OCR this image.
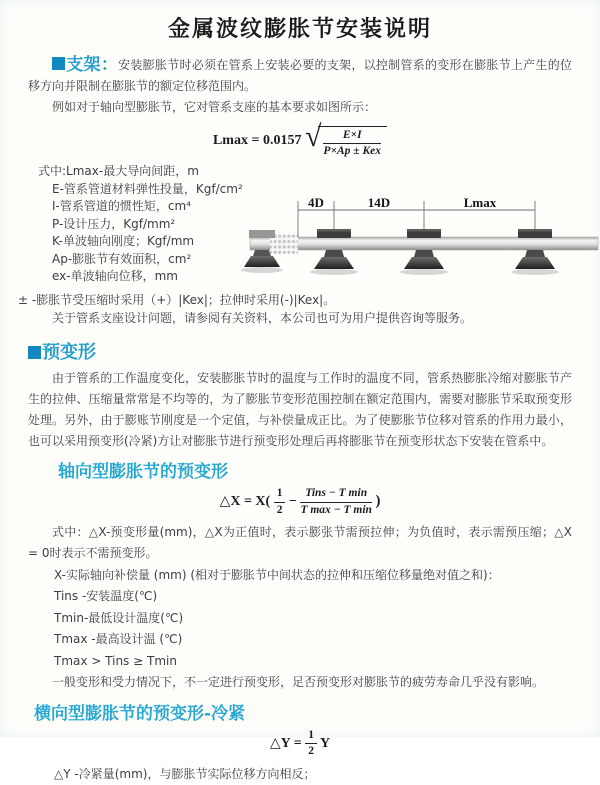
金属波纹膨胀节安装说明

支架：安装膨胀节时必须在管系上安装必要的支架，以控制管系的变形在膨胀节上产生的位移方向并限制在膨胀节的额定位移范围内。

例如对于轴向型膨胀节，它对管系支座的基本要求如图所示：

Lmax = 0.0157 √ $\frac{E\times I}{\text{P×Ap ± Kex}}$
式中:Lmax-最大导向间距，m
E-管系管道材料弹性投量，Kgf/cm²
I-管系管道的惯性矩，cm⁴
P-设计压力，Kgf/mm²
K-单波轴向刚度；Kgf/mm
Ap-膨胀节有效面积，cm²
ex-单波轴向位移，mm
± -膨胀节受压缩时采用（+）|Kex|；拉伸时采用(-)|Kex|。
关于管系支座设计问题，请参阅有关资料，本公司也可为用户提供咨询等服务。
4D	14D	Lmax
预变形

由于管系的工作温度变化，安装膨胀节时的温度与工作时的温度不同，管系热膨胀冷缩对膨胀节产生的拉伸、压缩量常常是不均等的，为了膨胀节变形范围控制在额定范围内，需要对膨胀节采取预变形处理。另外，由于膨账节刚度是一个定值，与补偿量成正比。为了使膨胀节位移对管系的作用力最小，也可以采用预变形(冷紧)方让对膨胀节进行预变形处理后再将膨胀节在预变形状态下安装在管系中。

轴向型膨胀节的预变形
△X = $X( \frac{1}{2} - \frac{\text{Tins − T min}}{\text{T max − T min}}$ )

式中：△X-预变形量(mm)，△X为正值时，表示膨张节需预拉伸；为负值时，表示需预压缩；△X = 0时表示不需预变形。

X-实际轴向补偿量 (mm) (相对于膨胀节中间状态的拉伸和压缩位移量绝对值之和)：
Tins -安装温度(℃)
Tmin-最低设计温度(℃)
Tmax -最高设计温 (℃)
Tmax > Tins ≥ Tmin

一般变形和受力情况下，不一定进行预变形，足否预变形对膨胀节的疲劳寿命几乎没有影响。

横向型膨胀节的预变形-冷紧
△Y = $\frac{1}{2}$ Y
△Y -冷紧量(mm)，与膨胀节实际位移方向相反；
